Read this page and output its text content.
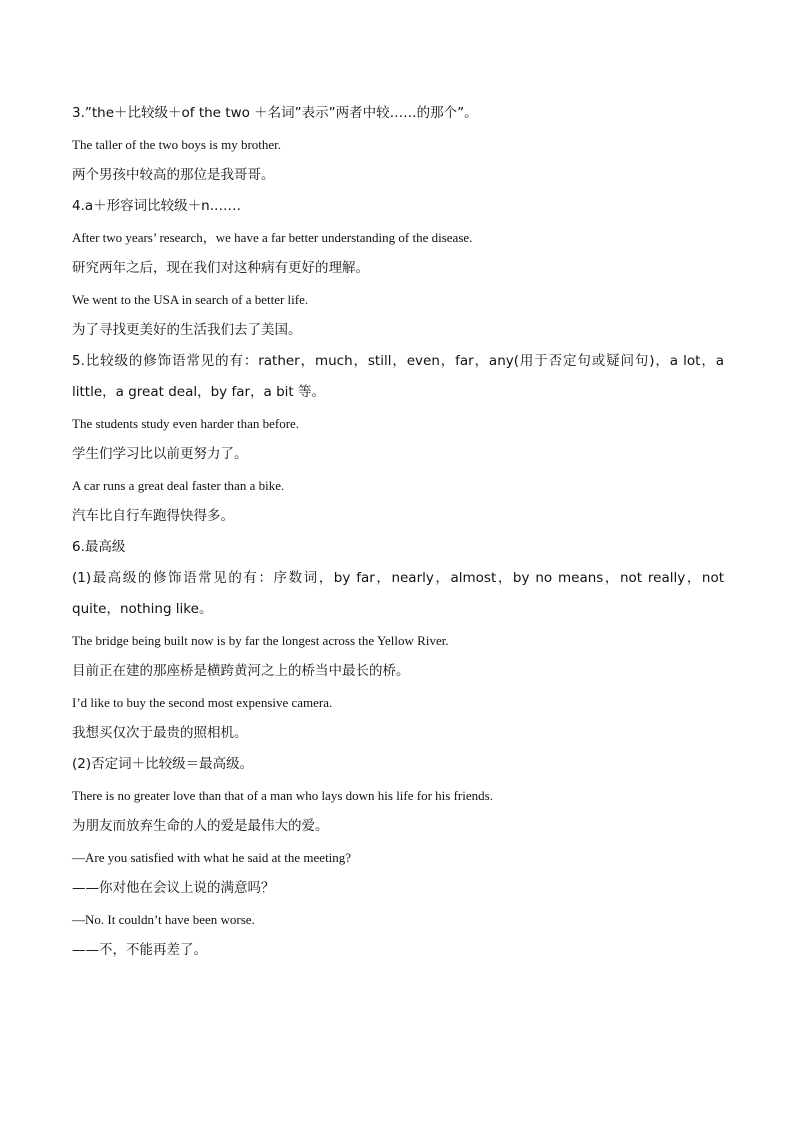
3.”the＋比较级＋of the two ＋名词”表示”两者中较……的那个”。

The taller of the two boys is my brother.

两个男孩中较高的那位是我哥哥。

4.a＋形容词比较级＋n.……

After two years’ research，we have a far better understanding of the disease.

研究两年之后，现在我们对这种病有更好的理解。

We went to the USA in search of a better life.

为了寻找更美好的生活我们去了美国。

5.比较级的修饰语常见的有：rather，much，still，even，far，any(用于否定句或疑问句)，a lot，a little，a great deal，by far，a bit 等。

The students study even harder than before.

学生们学习比以前更努力了。

A car runs a great deal faster than a bike.

汽车比自行车跑得快得多。

6.最高级

(1)最高级的修饰语常见的有：序数词，by far，nearly，almost，by no means，not really，not quite，nothing like。

The bridge being built now is by far the longest across the Yellow River.

目前正在建的那座桥是横跨黄河之上的桥当中最长的桥。

I’d like to buy the second most expensive camera.

我想买仅次于最贵的照相机。

(2)否定词＋比较级＝最高级。

There is no greater love than that of a man who lays down his life for his friends.

为朋友而放弃生命的人的爱是最伟大的爱。

—Are you satisfied with what he said at the meeting?

——你对他在会议上说的满意吗？

—No. It couldn’t have been worse.

——不，不能再差了。
